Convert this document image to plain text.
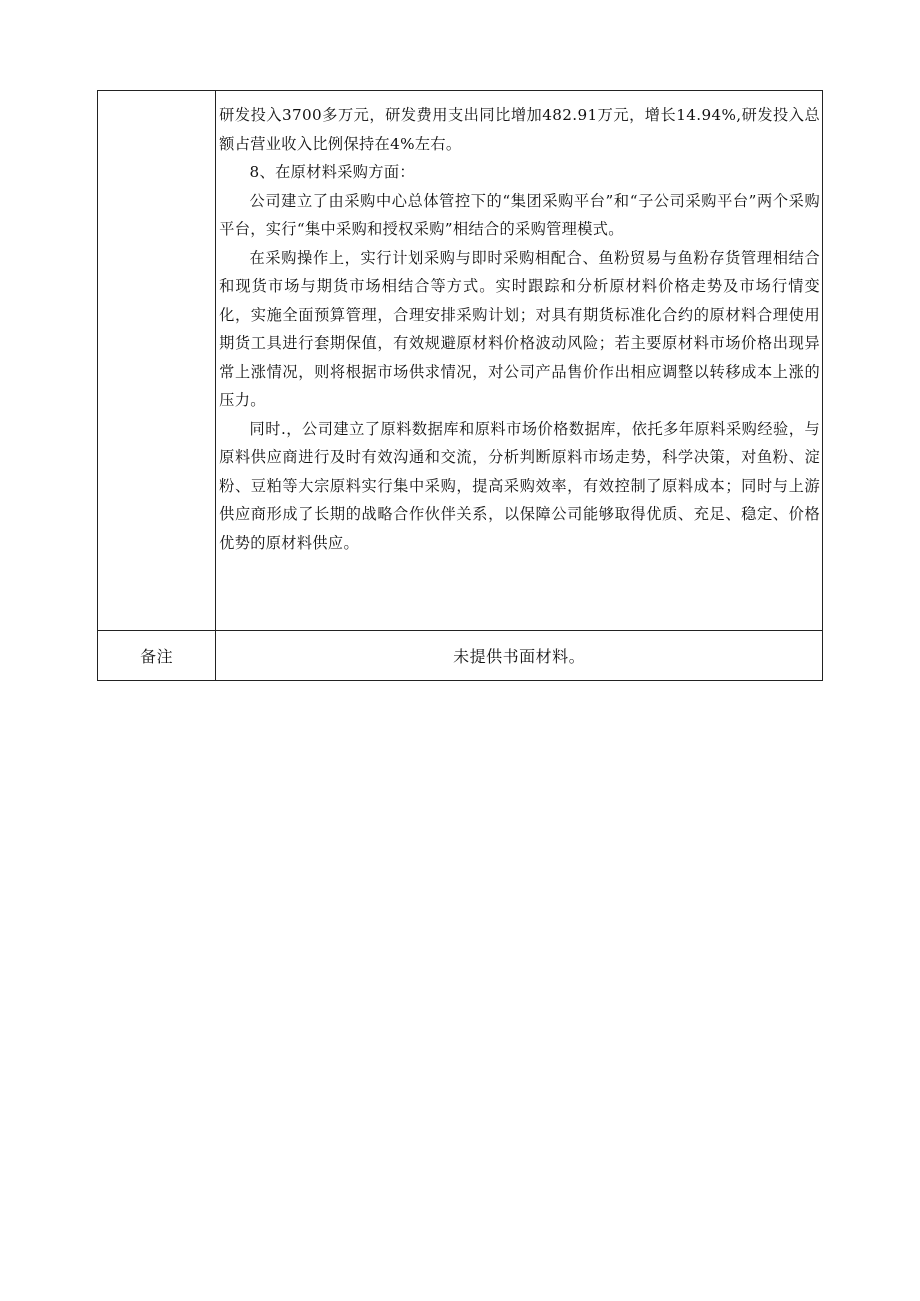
	研发投入3700多万元，研发费用支出同比增加482.91万元，增长14.94%,研发投入总额占营业收入比例保持在4%左右。

8、在原材料采购方面：

公司建立了由采购中心总体管控下的“集团采购平台”和“子公司采购平台”两个采购平台，实行“集中采购和授权采购”相结合的采购管理模式。

在采购操作上，实行计划采购与即时采购相配合、鱼粉贸易与鱼粉存货管理相结合和现货市场与期货市场相结合等方式。实时跟踪和分析原材料价格走势及市场行情变化，实施全面预算管理，合理安排采购计划；对具有期货标准化合约的原材料合理使用期货工具进行套期保值，有效规避原材料价格波动风险；若主要原材料市场价格出现异常上涨情况，则将根据市场供求情况，对公司产品售价作出相应调整以转移成本上涨的压力。

同时.，公司建立了原料数据库和原料市场价格数据库，依托多年原料采购经验，与原料供应商进行及时有效沟通和交流，分析判断原料市场走势，科学决策，对鱼粉、淀粉、豆粕等大宗原料实行集中采购，提高采购效率，有效控制了原料成本；同时与上游供应商形成了长期的战略合作伙伴关系，以保障公司能够取得优质、充足、稳定、价格优势的原材料供应。

备注	未提供书面材料。
